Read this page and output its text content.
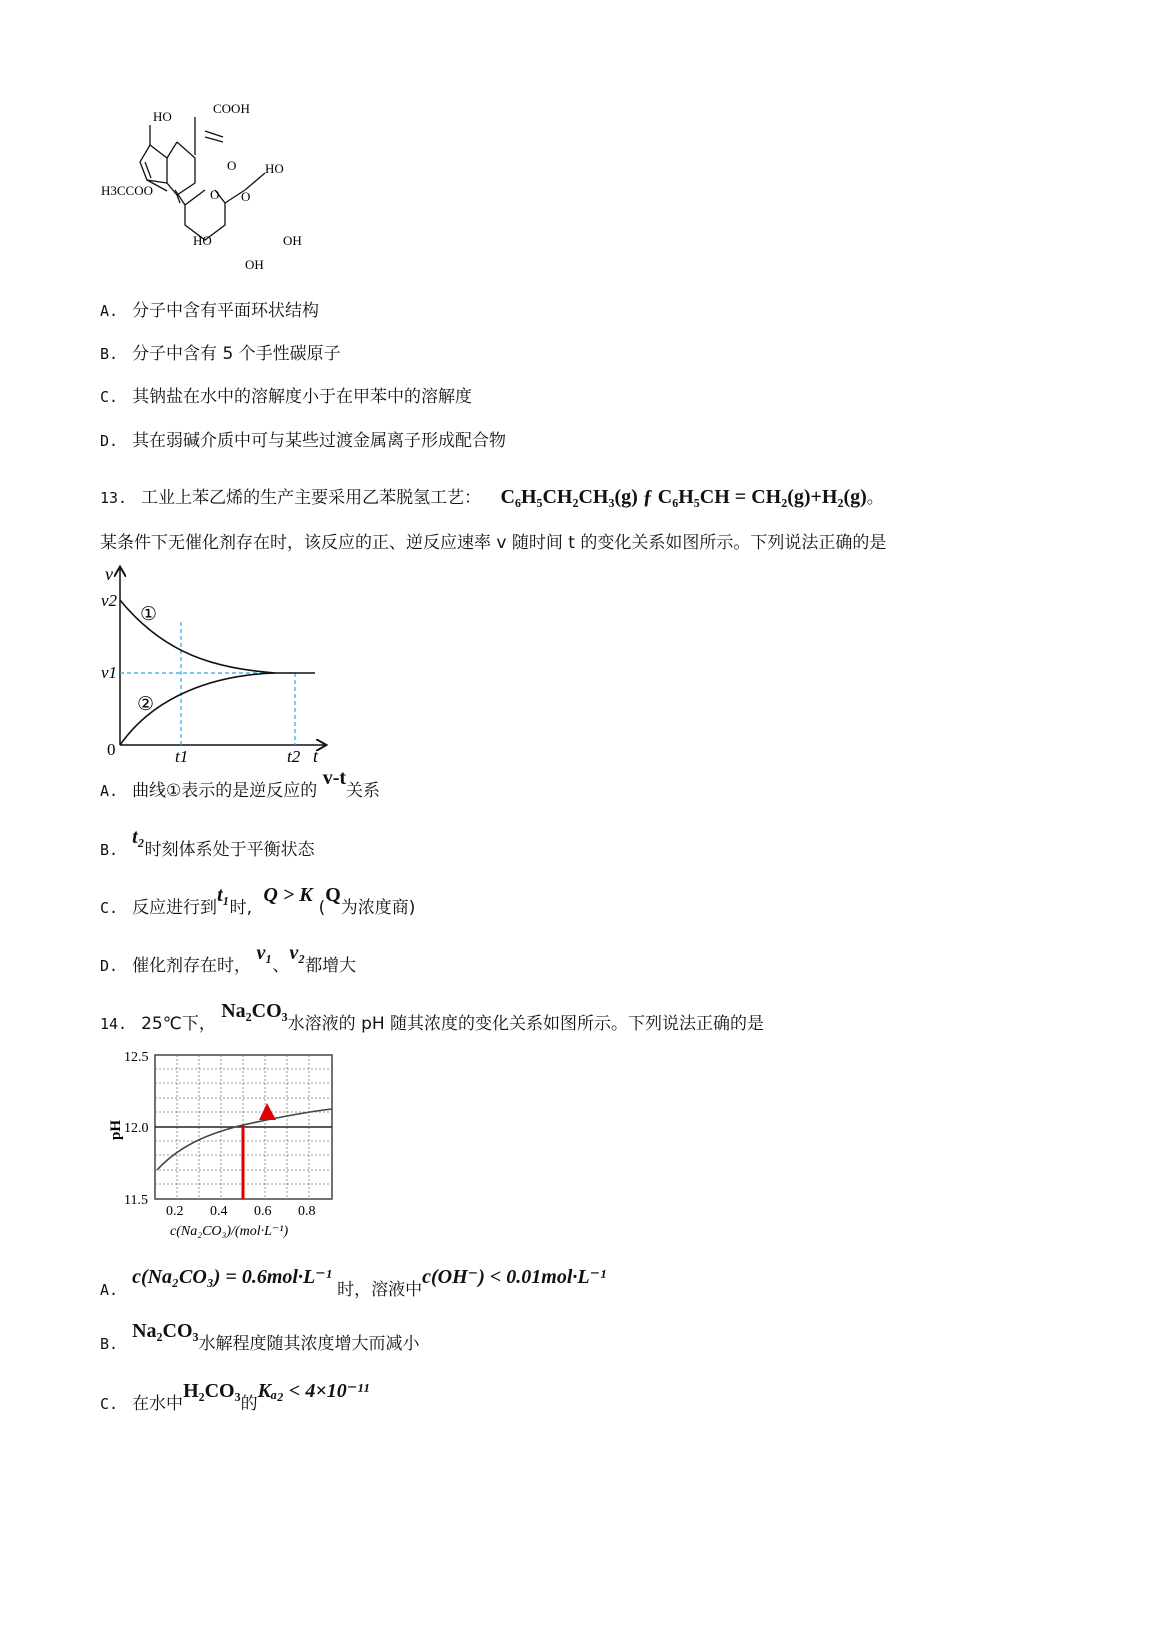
COOH
HO
HO
H3CCOO
O
O O
HO	OH
OH
A. 分子中含有平面环状结构
B. 分子中含有 5 个手性碳原子
C. 其钠盐在水中的溶解度小于在甲苯中的溶解度
D. 其在弱碱介质中可与某些过渡金属离子形成配合物
13. 工业上苯乙烯的生产主要采用乙苯脱氢工艺： C₆H₅CH₂CH₃(g) ƒ C₆H₅CH = CH₂(g)+H₂(g)。
某条件下无催化剂存在时，该反应的正、逆反应速率 v 随时间 t 的变化关系如图所示。下列说法正确的是
v
t
0
v2
v1
t1	t2
①
②
A. 曲线①表示的是逆反应的 v-t关系
B.t₂时刻体系处于平衡状态
C. 反应进行到t₁时, Q > K(Q为浓度商)
D. 催化剂存在时， v₁、v₂都增大
14. 25℃下， Na₂CO₃水溶液的 pH 随其浓度的变化关系如图所示。下列说法正确的是
12.5
12.0
11.5
pH
0.2 0.4 0.6 0.8
c(Na₂CO₃)/(mol·L⁻¹)
A.c(Na₂CO₃) = 0.6mol·L⁻¹ 时，溶液中c(OH⁻) < 0.01mol·L⁻¹
B.Na₂CO₃水解程度随其浓度增大而减小
C. 在水中H₂CO₃的Kₐ₂ < 4×10⁻¹¹
